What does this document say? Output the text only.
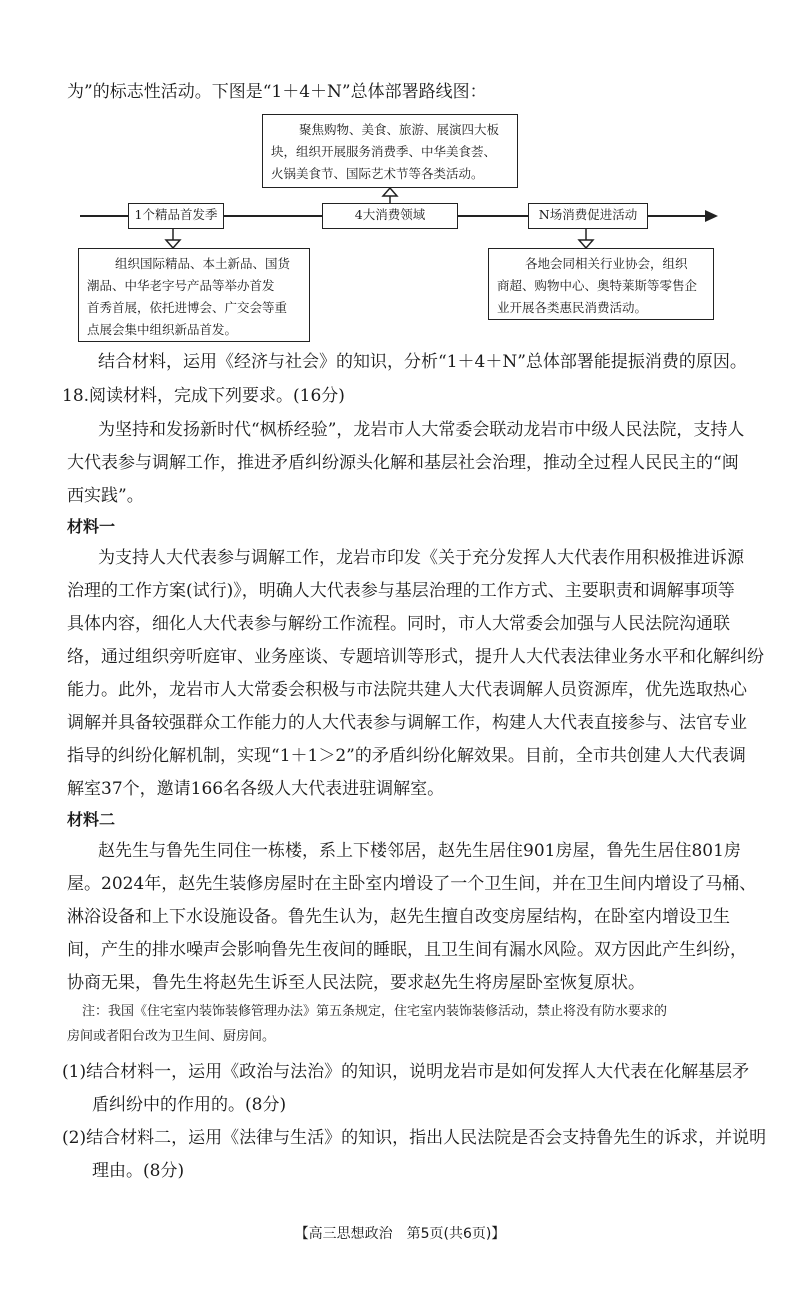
为”的标志性活动。下图是“1＋4＋N”总体部署路线图：
聚焦购物、美食、旅游、展演四大板
块，组织开展服务消费季、中华美食荟、
火锅美食节、国际艺术节等各类活动。
1个精品首发季	4大消费领域	N场消费促进活动
组织国际精品、本土新品、国货
潮品、中华老字号产品等举办首发
首秀首展，依托进博会、广交会等重
点展会集中组织新品首发。
各地会同相关行业协会，组织
商超、购物中心、奥特莱斯等零售企
业开展各类惠民消费活动。
结合材料，运用《经济与社会》的知识，分析“1＋4＋N”总体部署能提振消费的原因。
18.阅读材料，完成下列要求。(16分)
为坚持和发扬新时代“枫桥经验”，龙岩市人大常委会联动龙岩市中级人民法院，支持人
大代表参与调解工作，推进矛盾纠纷源头化解和基层社会治理，推动全过程人民民主的“闽
西实践”。
材料一
为支持人大代表参与调解工作，龙岩市印发《关于充分发挥人大代表作用积极推进诉源
治理的工作方案(试行)》，明确人大代表参与基层治理的工作方式、主要职责和调解事项等
具体内容，细化人大代表参与解纷工作流程。同时，市人大常委会加强与人民法院沟通联
络，通过组织旁听庭审、业务座谈、专题培训等形式，提升人大代表法律业务水平和化解纠纷
能力。此外，龙岩市人大常委会积极与市法院共建人大代表调解人员资源库，优先选取热心
调解并具备较强群众工作能力的人大代表参与调解工作，构建人大代表直接参与、法官专业
指导的纠纷化解机制，实现“1＋1＞2”的矛盾纠纷化解效果。目前，全市共创建人大代表调
解室37个，邀请166名各级人大代表进驻调解室。
材料二
赵先生与鲁先生同住一栋楼，系上下楼邻居，赵先生居住901房屋，鲁先生居住801房
屋。2024年，赵先生装修房屋时在主卧室内增设了一个卫生间，并在卫生间内增设了马桶、
淋浴设备和上下水设施设备。鲁先生认为，赵先生擅自改变房屋结构，在卧室内增设卫生
间，产生的排水噪声会影响鲁先生夜间的睡眠，且卫生间有漏水风险。双方因此产生纠纷，
协商无果，鲁先生将赵先生诉至人民法院，要求赵先生将房屋卧室恢复原状。
注：我国《住宅室内装饰装修管理办法》第五条规定，住宅室内装饰装修活动，禁止将没有防水要求的
房间或者阳台改为卫生间、厨房间。
(1)结合材料一，运用《政治与法治》的知识，说明龙岩市是如何发挥人大代表在化解基层矛
盾纠纷中的作用的。(8分)
(2)结合材料二，运用《法律与生活》的知识，指出人民法院是否会支持鲁先生的诉求，并说明
理由。(8分)
【高三思想政治　第5页(共6页)】
